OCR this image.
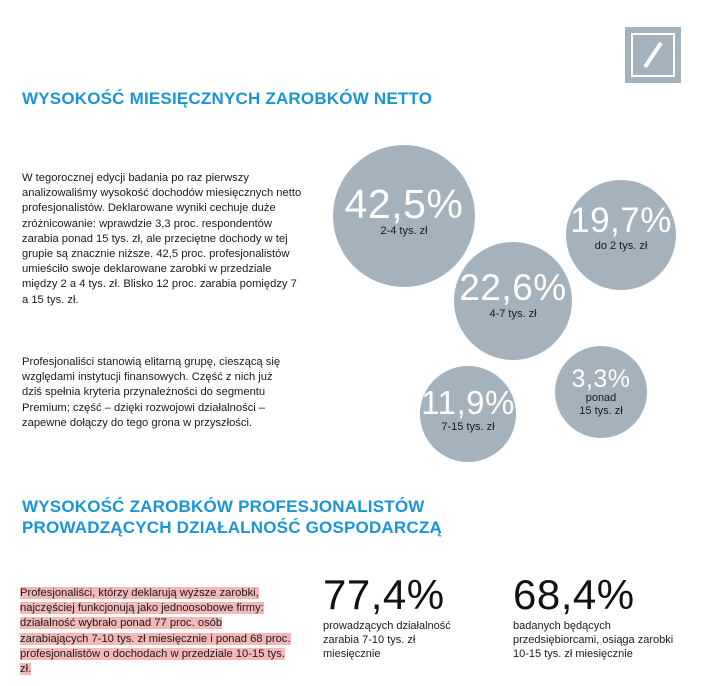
WYSOKOŚĆ MIESIĘCZNYCH ZAROBKÓW NETTO
W tegorocznej edycji badania po raz pierwszy analizowaliśmy wysokość dochodów miesięcznych netto profesjonalistów. Deklarowane wyniki cechuje duże zróżnicowanie: wprawdzie 3,3 proc. respondentów zarabia ponad 15 tys. zł, ale przeciętne dochody w tej grupie są znacznie niższe. 42,5 proc. profesjonalistów umieściło swoje deklarowane zarobki w przedziale między 2 a 4 tys. zł. Blisko 12 proc. zarabia pomiędzy 7 a 15 tys. zł.
Profesjonaliści stanowią elitarną grupę, cieszącą się względami instytucji finansowych. Część z nich już dziś spełnia kryteria przynależności do segmentu Premium; część – dzięki rozwojowi działalności – zapewne dołączy do tego grona w przyszłości.
42,5%
2-4 tys. zł	19,7%
do 2 tys. zł
22,6%
4-7 tys. zł
3,3%
ponad
15 tys. zł
11,9%
7-15 tys. zł
WYSOKOŚĆ ZAROBKÓW PROFESJONALISTÓW
PROWADZĄCYCH DZIAŁALNOŚĆ GOSPODARCZĄ
Profesjonaliści, którzy deklarują wyższe zarobki, najczęściej funkcjonują jako jednoosobowe firmy: działalność wybrało ponad 77 proc. osób zarabiających 7-10 tys. zł miesięcznie i ponad 68 proc. profesjonalistów o dochodach w przedziale 10-15 tys. zł.
77,4%
prowadzących działalność
zarabia 7-10 tys. zł
miesięcznie
68,4%
badanych będących
przedsiębiorcami, osiąga zarobki
10-15 tys. zł miesięcznie
